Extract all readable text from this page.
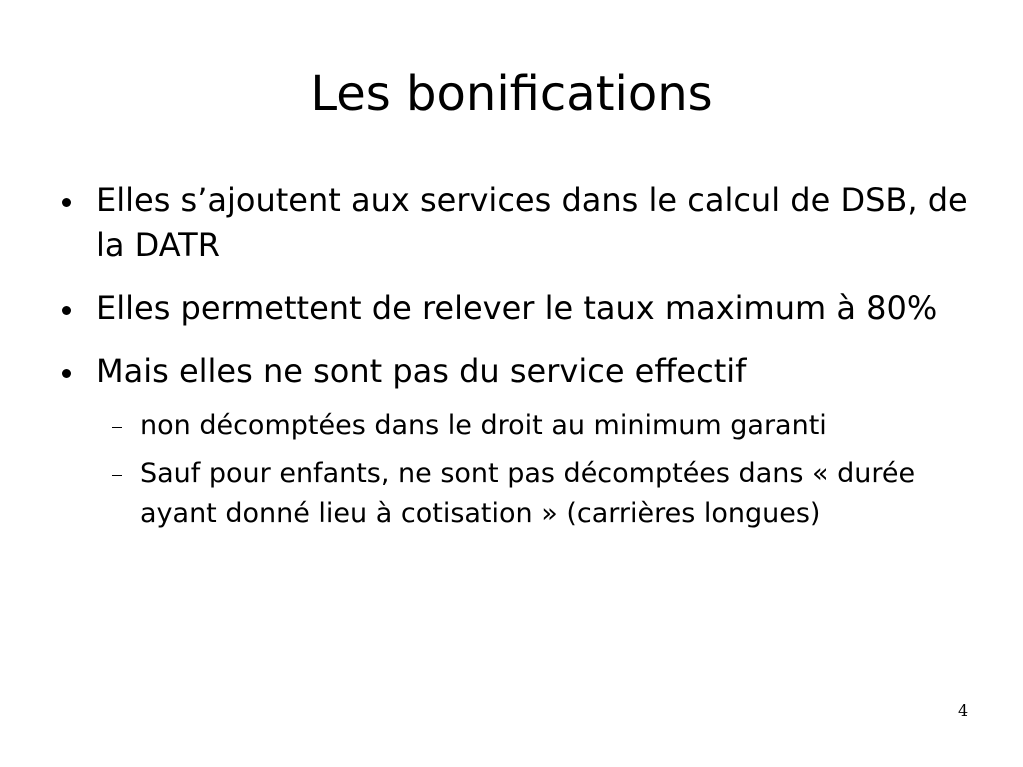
Les bonifications
Elles s’ajoutent aux services dans le calcul de DSB, de la DATR
Elles permettent de relever le taux maximum à 80%
Mais elles ne sont pas du service effectif
non décomptées dans le droit au minimum garanti
Sauf pour enfants, ne sont pas décomptées dans « durée ayant donné lieu à cotisation » (carrières longues)
4
